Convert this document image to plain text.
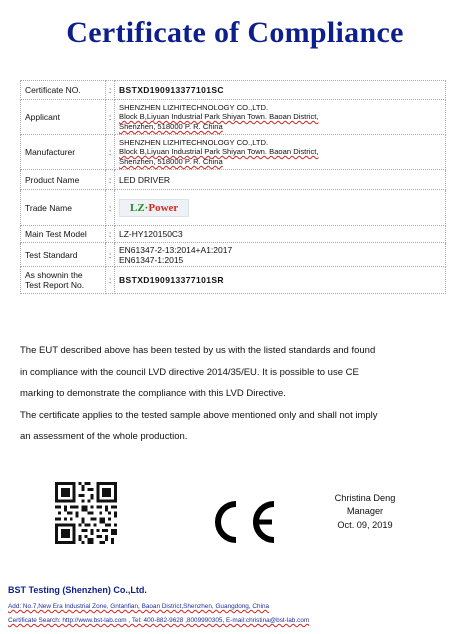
Certificate of Compliance
Certificate NO.	:	BSTXD190913377101SC
Applicant	:	SHENZHEN LIZHITECHNOLOGY CO.,LTD.
Block B,Liyuan Industrial Park Shiyan Town. Baoan District,
Shenzhen, 518000 P. R. China

Manufacturer	:	SHENZHEN LIZHITECHNOLOGY CO.,LTD.
Block B,Liyuan Industrial Park Shiyan Town. Baoan District,
Shenzhen, 518000 P. R. China

Product Name	:	LED DRIVER
Trade Name	:	LZ·Power
Main Test Model	:	LZ-HY120150C3
Test Standard	:	EN61347-2-13:2014+A1:2017
EN61347-1:2015

As shownin the
Test Report No.	:	BSTXD190913377101SR

The EUT described above has been tested by us with the listed standards and found

in compliance with the council LVD directive 2014/35/EU. It is possible to use CE

marking to demonstrate the compliance with this LVD Directive.

The certificate applies to the tested sample above mentioned only and shall not imply

an assessment of the whole production.

Christina Deng
Manager
Oct. 09, 2019
BST Testing (Shenzhen) Co.,Ltd.
Add: No.7,New Era Industrial Zone, Gntanfian, Baoan District,Shenzhen, Guangdong, China
Certificate Search: http://www.bst-lab.com , Tel: 400-882-9628 ,8009990305, E-mail:christina@bst-lab.com
